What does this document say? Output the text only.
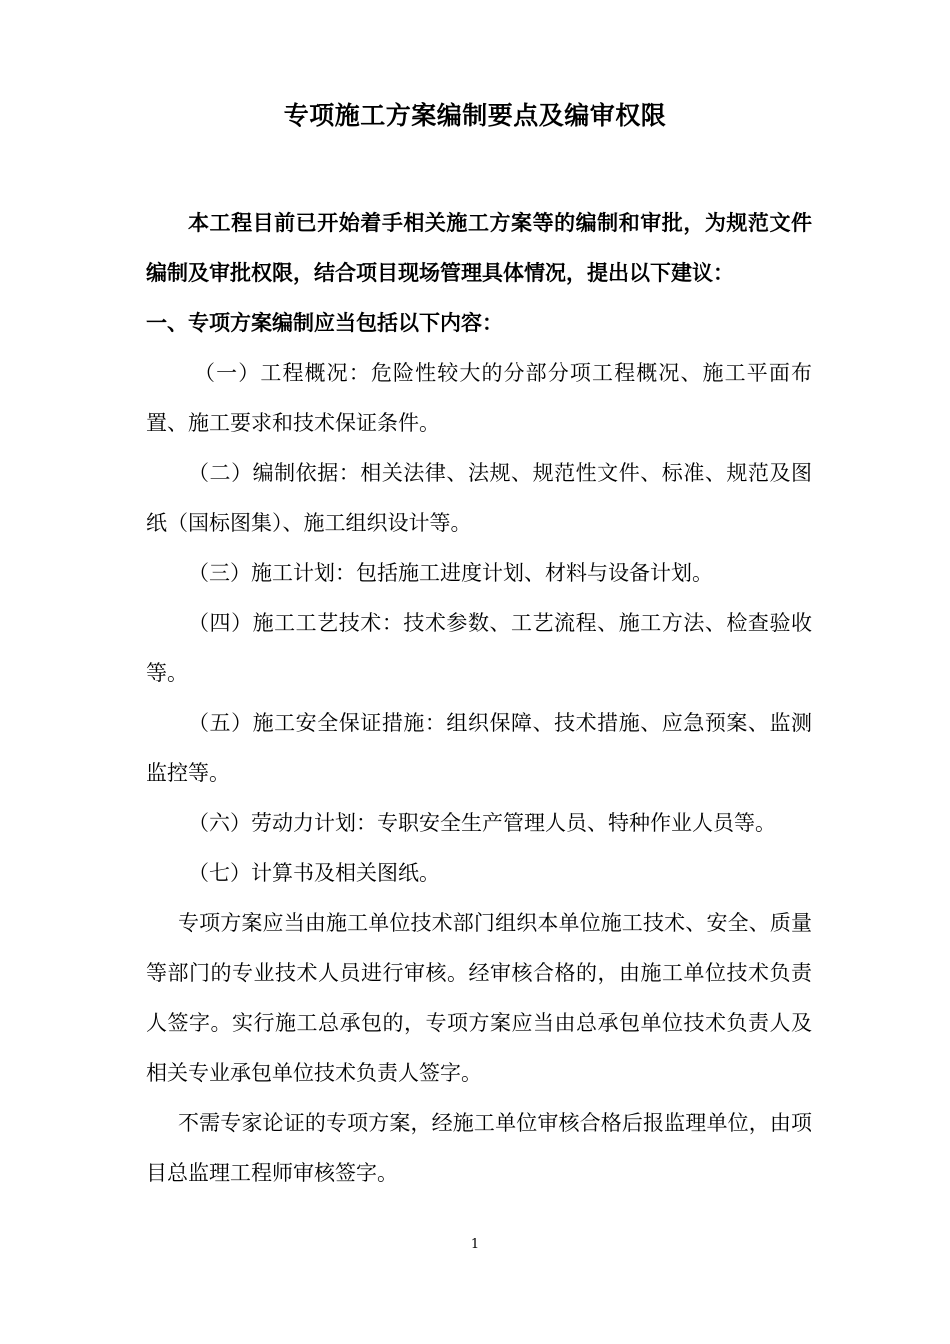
专项施工方案编制要点及编审权限

本工程目前已开始着手相关施工方案等的编制和审批，为规范文件编制及审批权限，结合项目现场管理具体情况，提出以下建议：

一、专项方案编制应当包括以下内容：

（一）工程概况：危险性较大的分部分项工程概况、施工平面布置、施工要求和技术保证条件。

（二）编制依据：相关法律、法规、规范性文件、标准、规范及图纸（国标图集）、施工组织设计等。

（三）施工计划：包括施工进度计划、材料与设备计划。

（四）施工工艺技术：技术参数、工艺流程、施工方法、检查验收等。

（五）施工安全保证措施：组织保障、技术措施、应急预案、监测监控等。

（六）劳动力计划：专职安全生产管理人员、特种作业人员等。

（七）计算书及相关图纸。

专项方案应当由施工单位技术部门组织本单位施工技术、安全、质量等部门的专业技术人员进行审核。经审核合格的，由施工单位技术负责人签字。实行施工总承包的，专项方案应当由总承包单位技术负责人及相关专业承包单位技术负责人签字。

不需专家论证的专项方案，经施工单位审核合格后报监理单位，由项目总监理工程师审核签字。

1
